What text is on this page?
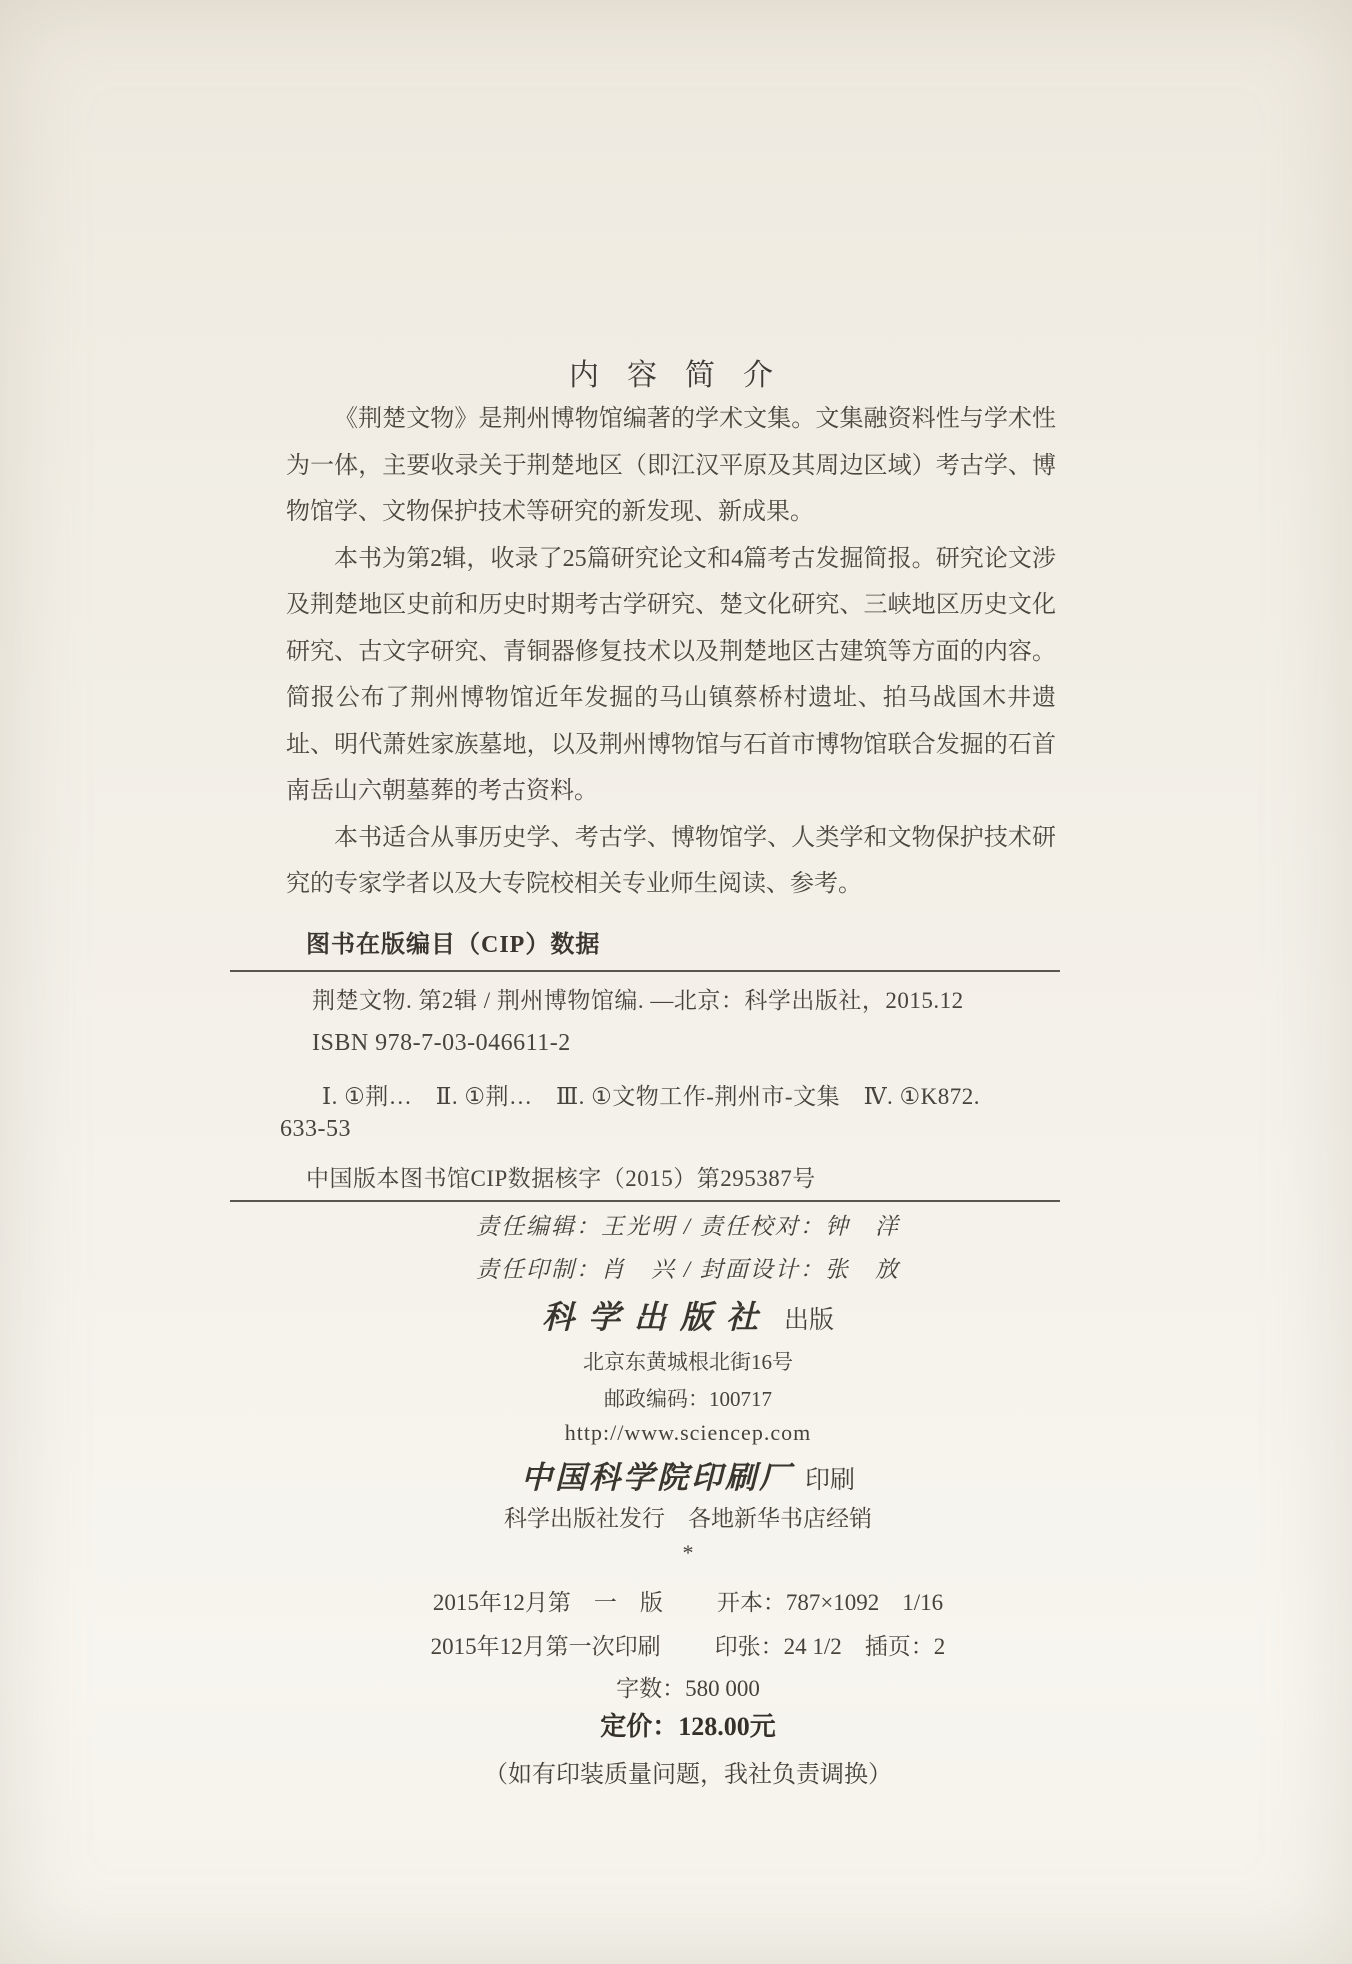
内容简介

《荆楚文物》是荆州博物馆编著的学术文集。文集融资料性与学术性为一体，主要收录关于荆楚地区（即江汉平原及其周边区域）考古学、博物馆学、文物保护技术等研究的新发现、新成果。

本书为第2辑，收录了25篇研究论文和4篇考古发掘简报。研究论文涉及荆楚地区史前和历史时期考古学研究、楚文化研究、三峡地区历史文化研究、古文字研究、青铜器修复技术以及荆楚地区古建筑等方面的内容。简报公布了荆州博物馆近年发掘的马山镇蔡桥村遗址、拍马战国木井遗址、明代萧姓家族墓地，以及荆州博物馆与石首市博物馆联合发掘的石首南岳山六朝墓葬的考古资料。

本书适合从事历史学、考古学、博物馆学、人类学和文物保护技术研究的专家学者以及大专院校相关专业师生阅读、参考。

图书在版编目（CIP）数据
荆楚文物. 第2辑 / 荆州博物馆编. —北京：科学出版社，2015.12
ISBN 978-7-03-046611-2
Ⅰ. ①荆…　Ⅱ. ①荆…　Ⅲ. ①文物工作-荆州市-文集　Ⅳ. ①K872.
633-53
中国版本图书馆CIP数据核字（2015）第295387号
责任编辑：王光明 / 责任校对：钟　洋
责任印制：肖　兴 / 封面设计：张　放
科学出版社 出版
北京东黄城根北街16号
邮政编码：100717
http://www.sciencep.com
中国科学院印刷厂 印刷
科学出版社发行　各地新华书店经销
*
2015年12月第　一　版 开本：787×1092　1/16
2015年12月第一次印刷 印张：24 1/2　插页：2
字数：580 000
定价：128.00元
（如有印装质量问题，我社负责调换）
